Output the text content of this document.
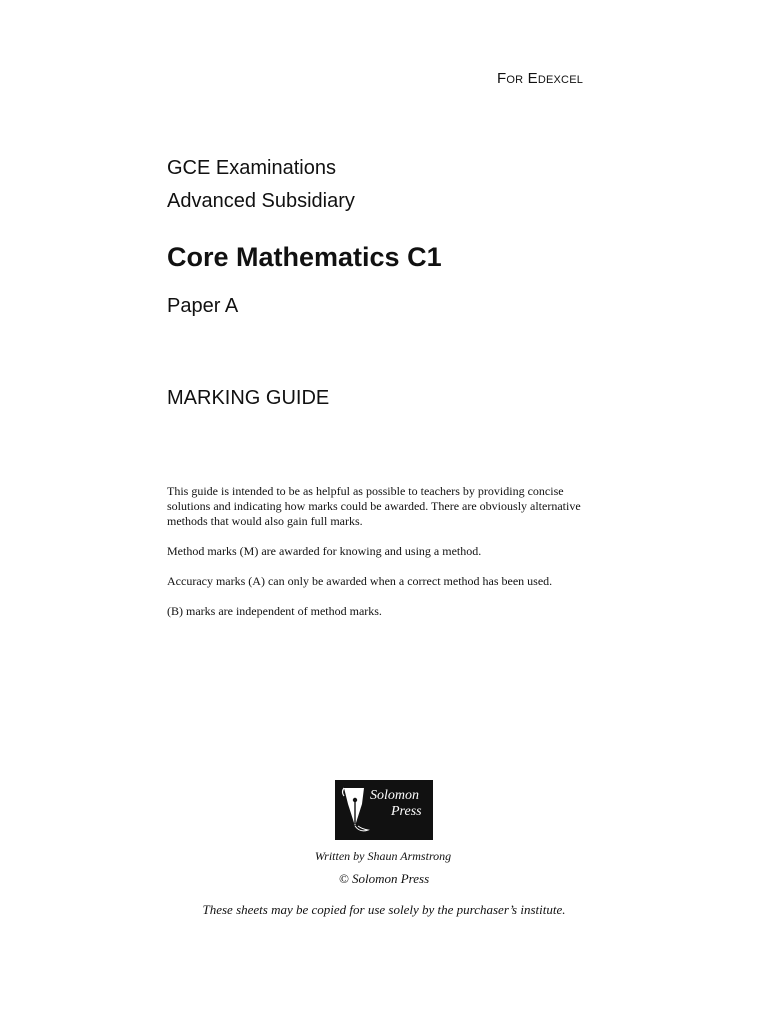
For Edexcel

GCE Examinations

Advanced Subsidiary

Core Mathematics C1

Paper A

MARKING GUIDE

This guide is intended to be as helpful as possible to teachers by providing concise solutions and indicating how marks could be awarded. There are obviously alternative methods that would also gain full marks.

Method marks (M) are awarded for knowing and using a method.

Accuracy marks (A) can only be awarded when a correct method has been used.

(B) marks are independent of method marks.

Solomon
Press
Written by Shaun Armstrong
© Solomon Press
These sheets may be copied for use solely by the purchaser’s institute.
